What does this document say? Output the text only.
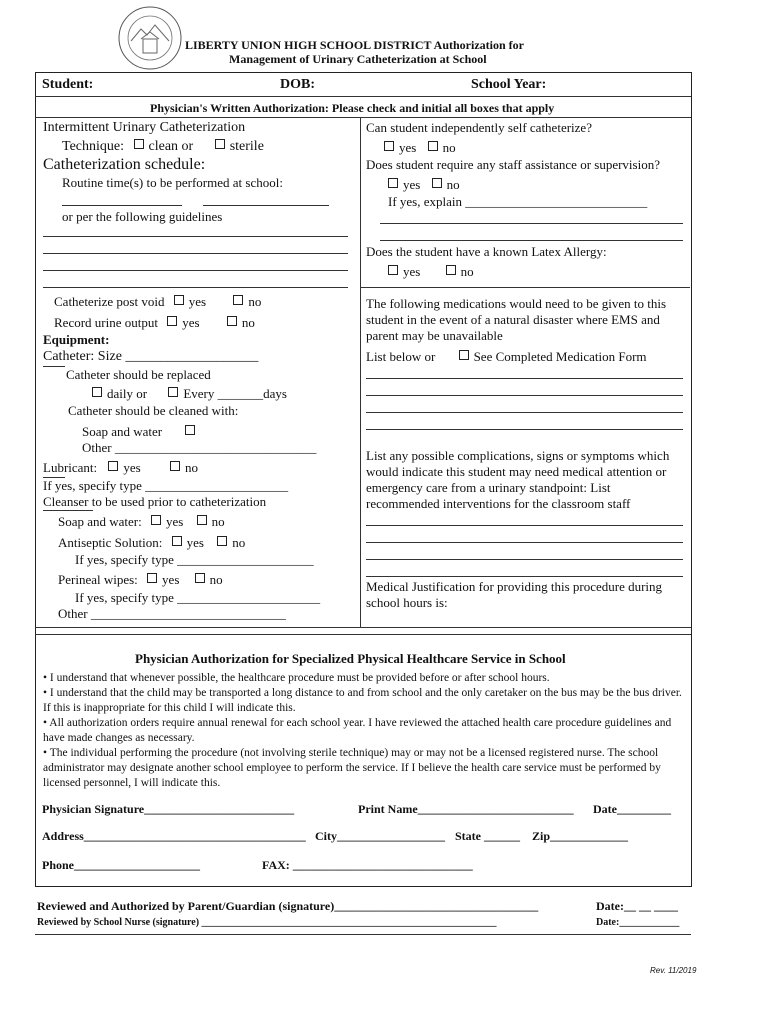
LIBERTY UNION HIGH SCHOOL DISTRICT Authorization for
Management of Urinary Catheterization at School
Student:	DOB:	School Year:
Physician's Written Authorization: Please check and initial all boxes that apply
Intermittent Urinary Catheterization
Technique: clean or	sterile
Catheterization schedule:
Routine time(s) to be performed at school:
or per the following guidelines
Catheterize post void yes	no
Record urine output yes	no
Equipment:
Catheter: Size ___________________
Catheter should be replaced
daily or	Every _______days
Catheter should be cleaned with:
Soap and water
Other _______________________________
Lubricant: yes	no
If yes, specify type ______________________
Cleanser to be used prior to catheterization
Soap and water: yes no
Antiseptic Solution: yes no
If yes, specify type _____________________
Perineal wipes: yes no
If yes, specify type ______________________
Other ______________________________
Can student independently self catheterize?
yes no
Does student require any staff assistance or supervision?
yes no
If yes, explain ____________________________
Does the student have a known Latex Allergy:
yes	no
The following medications would need to be given to this student in the event of a natural disaster where EMS and parent may be unavailable
List below or	See Completed Medication Form
List any possible complications, signs or symptoms which would indicate this student may need medical attention or emergency care from a urinary standpoint: List recommended interventions for the classroom staff
Medical Justification for providing this procedure during school hours is:
Physician Authorization for Specialized Physical Healthcare Service in School

• I understand that whenever possible, the healthcare procedure must be provided before or after school hours.

• I understand that the child may be transported a long distance to and from school and the only caretaker on the bus may be the bus driver. If this is inappropriate for this child I will indicate this.

• All authorization orders require annual renewal for each school year. I have reviewed the attached health care procedure guidelines and have made changes as necessary.

• The individual performing the procedure (not involving sterile technique) may or may not be a licensed registered nurse. The school administrator may designate another school employee to perform the service. If I believe the health care service must be performed by licensed personnel, I will indicate this.

Physician Signature_________________________	Print Name__________________________ Date_________
Address_____________________________________ City__________________ State ______ Zip_____________
Phone_____________________	FAX: ______________________________
Reviewed and Authorized by Parent/Guardian (signature)__________________________________	Date:__ __ ____
Reviewed by School Nurse (signature) ___________________________________________________________	Date:____________
Rev. 11/2019
